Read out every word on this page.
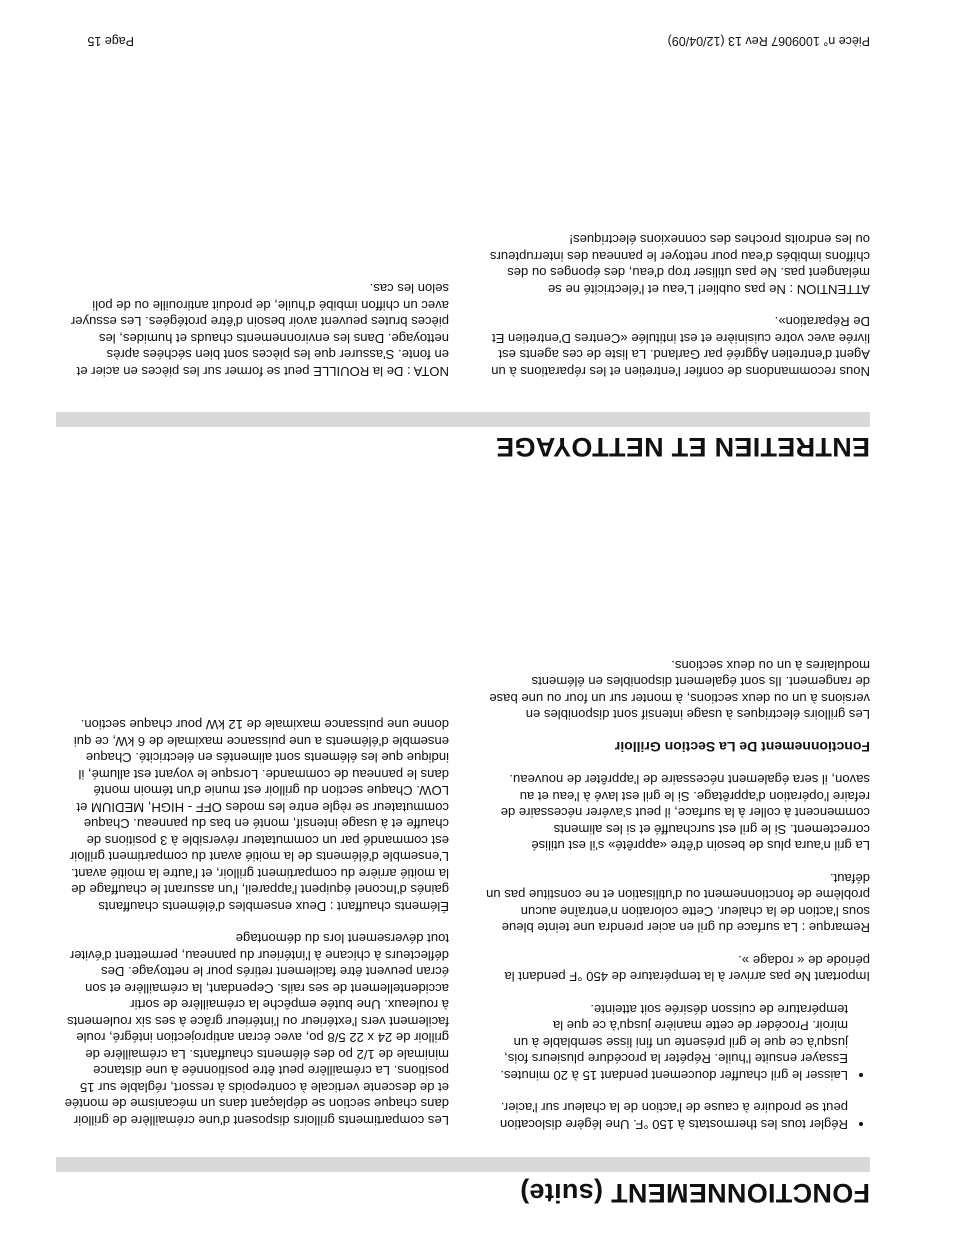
FONCTIONNEMENT (suite)
• Régler tous les thermostats à 150 °F. Une légère dislocation peut se produire à cause de l'action de la chaleur sur l'acier.
• Laisser le gril chauffer doucement pendant 15 à 20 minutes. Essayer ensuite l'huile. Répéter la procédure plusieurs fois, jusqu'à ce que le gril présente un fini lisse semblable à un miroir. Procéder de cette manière jusqu'à ce que la température de cuisson désirée soit atteinte.

Important Ne pas arriver à la température de 450 °F pendant la période de « rodage ».

Remarque : La surface du gril en acier prendra une teinte bleue sous l'action de la chaleur. Cette coloration n'entraîne aucun problème de fonctionnement ou d'utilisation et ne constitue pas un défaut.

La gril n'aura plus de besoin d'être «apprêté» s'il est utilisé correctement. Si le gril est surchauffé et si les aliments commencent à coller à la surface, il peut s'avérer nécessaire de refaire l'opération d'apprêtage. Si le gril est lavé à l'eau et au savon, il sera également nécessaire de l'apprêter de nouveau.

Fonctionnement De La Section Grilloir

Les grilloirs électriques à usage intensif sont disponibles en versions à un ou deux sections, à monter sur un four ou une base de rangement. Ils sont également disponibles en éléments modulaires à un ou deux sections.

Les compartiments grilloirs disposent d'une crémaillère de grilloir dans chaque section se déplaçant dans un mécanisme de montée et de descente verticale à contrepoids à ressort, réglable sur 15 positions. La crémaillère peut être positionnée à une distance minimale de 1/2 po des éléments chauffants. La crémaillère de grilloir de 24 x 22 5/8 po, avec écran antiprojection intégré, roule facilement vers l'extérieur ou l'intérieur grâce à ses six roulements à rouleaux. Une butée empêche la crémaillère de sortir accidentellement de ses rails. Cependant, la crémaillère et son écran peuvent être facilement retirés pour le nettoyage. Des déflecteurs à chicane à l'intérieur du panneau, permettent d'éviter tout déversement lors du démontage

Éléments chauffant : Deux ensembles d'éléments chauffants gainés d'Inconel équipent l'appareil, l'un assurant le chauffage de la moitié arrière du compartiment grilloir, et l'autre la moitié avant. L'ensemble d'éléments de la moitié avant du compartiment grilloir est commandé par un commutateur réversible à 3 positions de chauffe et à usage intensif, monté en bas du panneau. Chaque commutateur se règle entre les modes OFF - HIGH, MEDIUM et LOW. Chaque section du grilloir est munie d'un témoin monté dans le panneau de commande. Lorsque le voyant est allumé, il indique que les éléments sont alimentés en électricité. Chaque ensemble d'éléments a une puissance maximale de 6 kW, ce qui donne une puissance maximale de 12 kW pour chaque section.

ENTRETIEN ET NETTOYAGE

Nous recommandons de confier l'entretien et les réparations à un Agent d'entretien Aggréé par Garland. La liste de ces agents est livrée avec votre cuisinière et est intitulée «Centres D'entretien Et De Réparation».

ATTENTION : Ne pas oublier! L'eau et l'électricité ne se mélangent pas. Ne pas utiliser trop d'eau, des éponges ou des chiffons imbibés d'eau pour nettoyer le panneau des interrupteurs ou les endroits proches des connexions électriques!

NOTA : De la ROUILLE peut se former sur les pièces en acier et en fonte. S'assurer que les pièces sont bien séchées après nettoyage. Dans les environnements chauds et humides, les pièces brutes peuvent avoir besoin d'être protégées. Les essuyer avec un chiffon imbibé d'huile, de produit antirouille ou de poli selon les cas.

Pièce n° 1009067 Rev 13 (12/04/09)
Page 15
